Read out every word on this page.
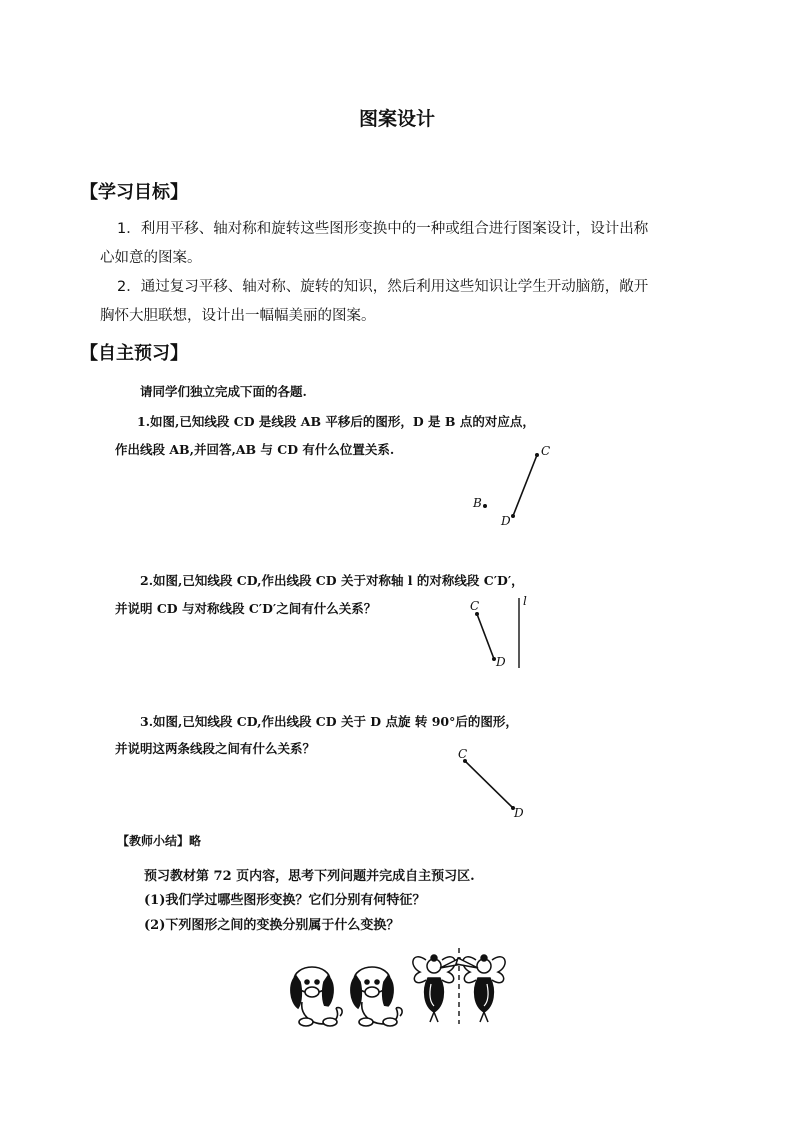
图案设计
【学习目标】
1．利用平移、轴对称和旋转这些图形变换中的一种或组合进行图案设计，设计出称
心如意的图案。
2．通过复习平移、轴对称、旋转的知识，然后利用这些知识让学生开动脑筋，敞开
胸怀大胆联想，设计出一幅幅美丽的图案。
【自主预习】
请同学们独立完成下面的各题.
1.如图,已知线段 CD 是线段 AB 平移后的图形，D 是 B 点的对应点，
作出线段 AB,并回答,AB 与 CD 有什么位置关系.	C
D
B
2.如图,已知线段 CD,作出线段 CD 关于对称轴 l 的对称线段 C′D′，
并说明 CD 与对称线段 C′D′之间有什么关系？	C
D
l
3.如图,已知线段 CD,作出线段 CD 关于 D 点旋 转 90°后的图形，
并说明这两条线段之间有什么关系？	C
D
【教师小结】略
预习教材第 72 页内容，思考下列问题并完成自主预习区.
(1)我们学过哪些图形变换？它们分别有何特征？
(2)下列图形之间的变换分别属于什么变换？
